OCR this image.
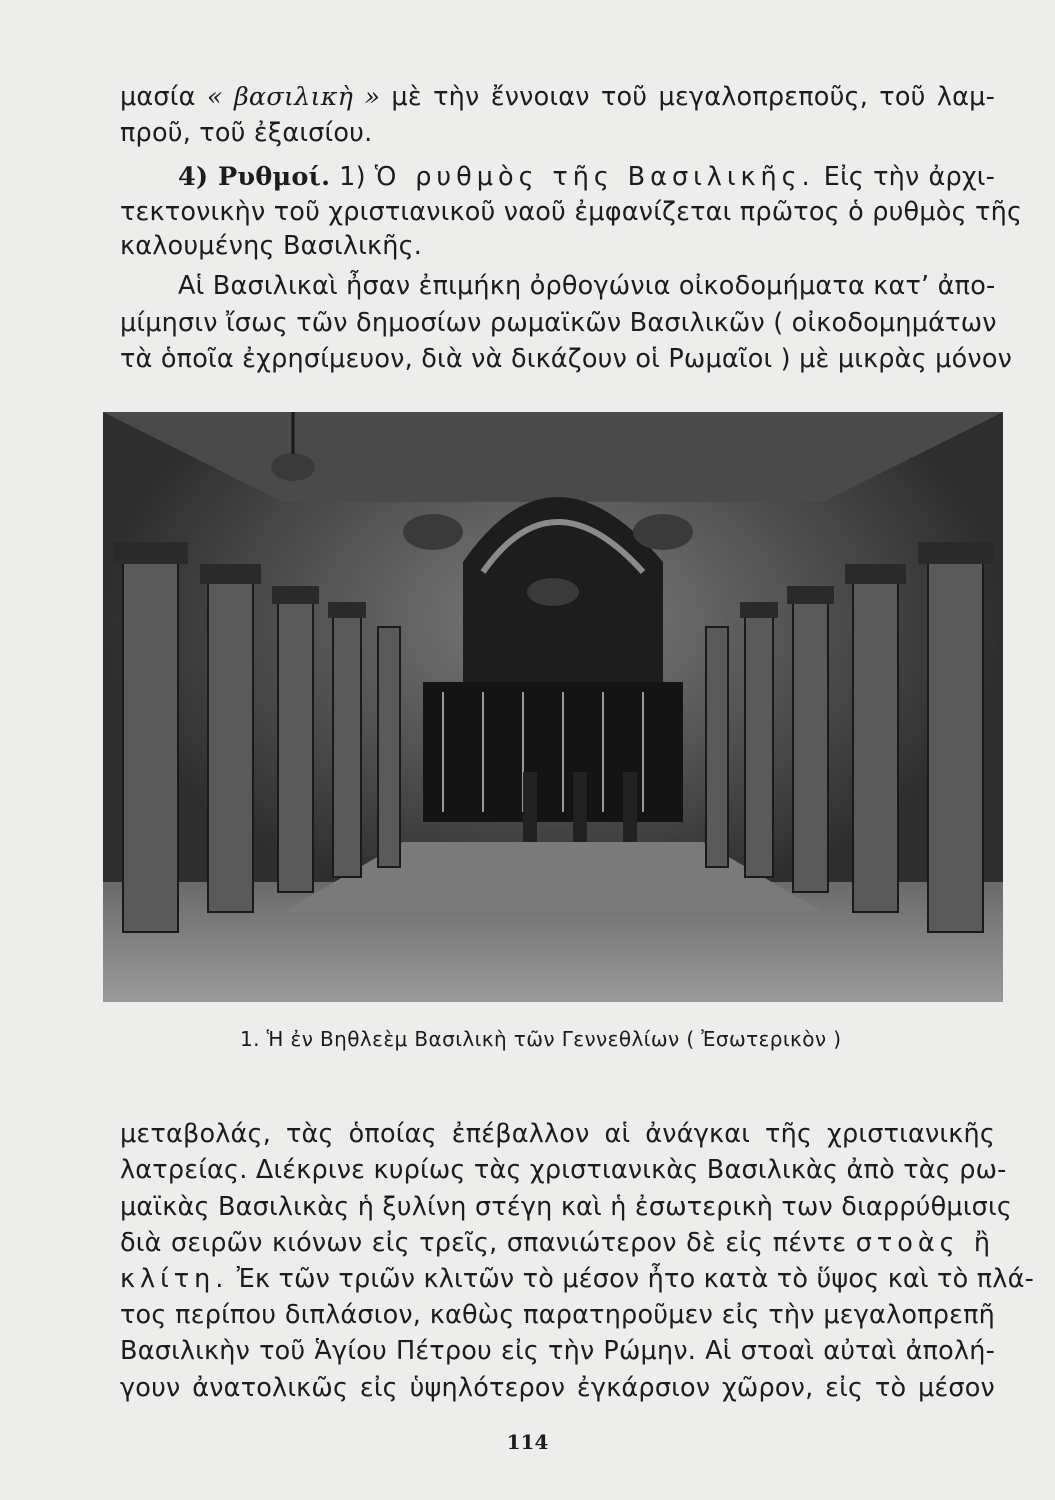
μασία « βασιλικὴ » μὲ τὴν ἔννοιαν τοῦ μεγαλοπρεποῦς, τοῦ λαμ-
προῦ, τοῦ ἐξαισίου.
4) Ρυθμοί. 1) Ὁ ρυθμὸς τῆς Βασιλικῆς. Εἰς τὴν ἀρχι-
τεκτονικὴν τοῦ χριστιανικοῦ ναοῦ ἐμφανίζεται πρῶτος ὁ ρυθμὸς τῆς
καλουμένης Βασιλικῆς.
Αἱ Βασιλικαὶ ἦσαν ἐπιμήκη ὀρθογώνια οἰκοδομήματα κατ’ ἀπο-
μίμησιν ἴσως τῶν δημοσίων ρωμαϊκῶν Βασιλικῶν ( οἰκοδομημάτων
τὰ ὁποῖα ἐχρησίμευον, διὰ νὰ δικάζουν οἱ Ρωμαῖοι ) μὲ μικρὰς μόνον
1. Ἡ ἐν Βηθλεὲμ Βασιλικὴ τῶν Γεννεθλίων ( Ἐσωτερικὸν )
μεταβολάς, τὰς ὁποίας ἐπέβαλλον αἱ ἀνάγκαι τῆς χριστιανικῆς
λατρείας. Διέκρινε κυρίως τὰς χριστιανικὰς Βασιλικὰς ἀπὸ τὰς ρω-
μαϊκὰς Βασιλικὰς ἡ ξυλίνη στέγη καὶ ἡ ἐσωτερικὴ των διαρρύθμισις
διὰ σειρῶν κιόνων εἰς τρεῖς, σπανιώτερον δὲ εἰς πέντε στοὰς ἢ
κλίτη. Ἐκ τῶν τριῶν κλιτῶν τὸ μέσον ἦτο κατὰ τὸ ὕψος καὶ τὸ πλά-
τος περίπου διπλάσιον, καθὼς παρατηροῦμεν εἰς τὴν μεγαλοπρεπῆ
Βασιλικὴν τοῦ Ἁγίου Πέτρου εἰς τὴν Ρώμην. Αἱ στοαὶ αὐταὶ ἀπολή-
γουν ἀνατολικῶς εἰς ὑψηλότερον ἐγκάρσιον χῶρον, εἰς τὸ μέσον
114
